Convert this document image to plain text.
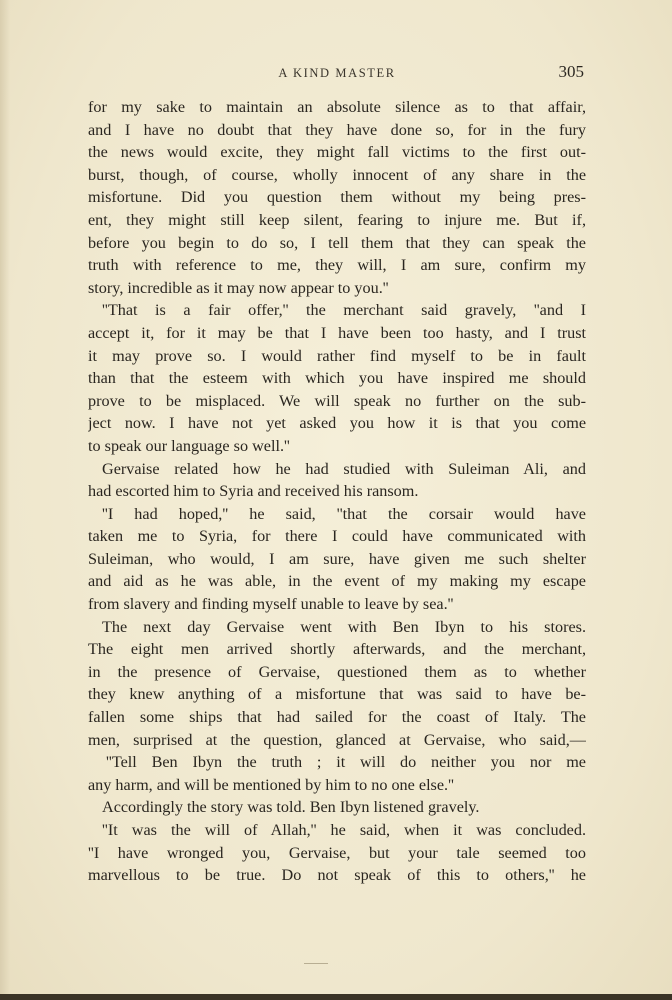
A KIND MASTER	305
for my sake to maintain an absolute silence as to that affair,
and I have no doubt that they have done so, for in the fury
the news would excite, they might fall victims to the first out-
burst, though, of course, wholly innocent of any share in the
misfortune. Did you question them without my being pres-
ent, they might still keep silent, fearing to injure me. But if,
before you begin to do so, I tell them that they can speak the
truth with reference to me, they will, I am sure, confirm my
story, incredible as it may now appear to you.''
''That is a fair offer,'' the merchant said gravely, ''and I
accept it, for it may be that I have been too hasty, and I trust
it may prove so. I would rather find myself to be in fault
than that the esteem with which you have inspired me should
prove to be misplaced. We will speak no further on the sub-
ject now. I have not yet asked you how it is that you come
to speak our language so well.''
Gervaise related how he had studied with Suleiman Ali, and
had escorted him to Syria and received his ransom.
''I had hoped,'' he said, ''that the corsair would have
taken me to Syria, for there I could have communicated with
Suleiman, who would, I am sure, have given me such shelter
and aid as he was able, in the event of my making my escape
from slavery and finding myself unable to leave by sea.''
The next day Gervaise went with Ben Ibyn to his stores.
The eight men arrived shortly afterwards, and the merchant,
in the presence of Gervaise, questioned them as to whether
they knew anything of a misfortune that was said to have be-
fallen some ships that had sailed for the coast of Italy. The
men, surprised at the question, glanced at Gervaise, who said,—
''Tell Ben Ibyn the truth ; it will do neither you nor me
any harm, and will be mentioned by him to no one else.''
Accordingly the story was told. Ben Ibyn listened gravely.
''It was the will of Allah,'' he said, when it was concluded.
''I have wronged you, Gervaise, but your tale seemed too
marvellous to be true. Do not speak of this to others,'' he
